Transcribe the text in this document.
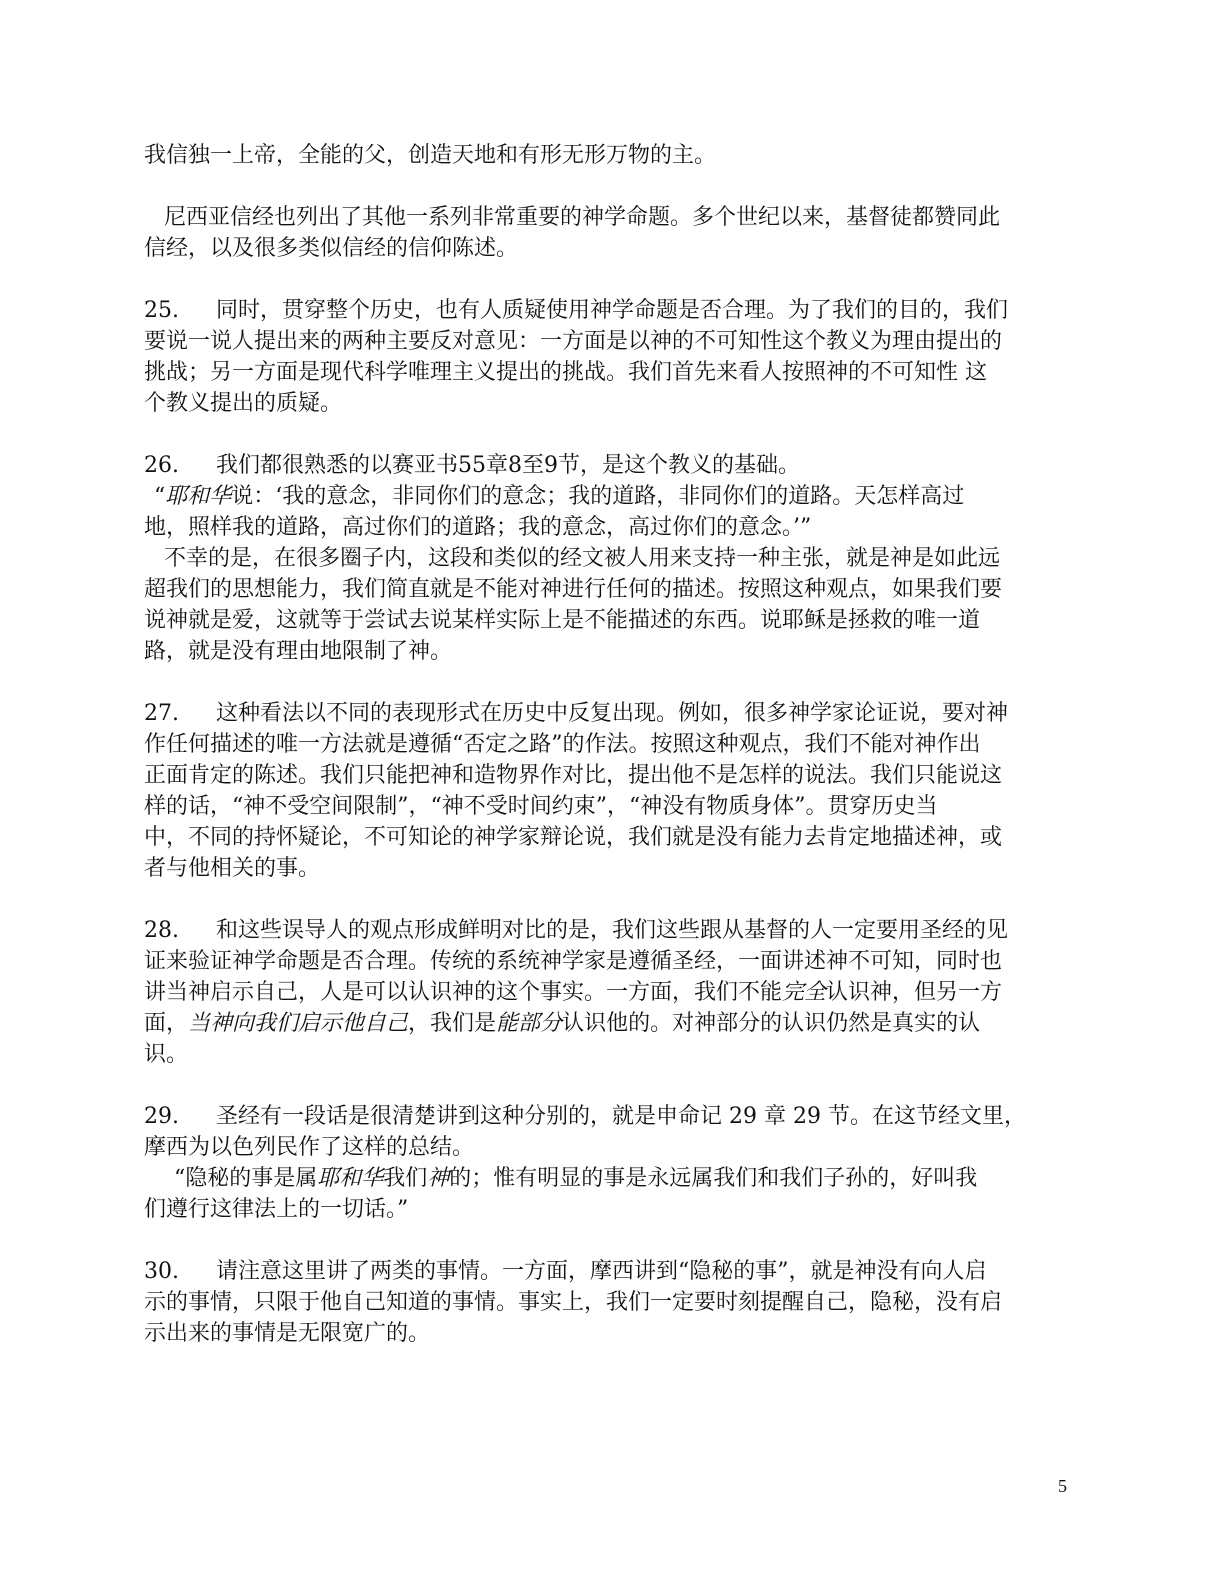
我信独一上帝，全能的父，创造天地和有形无形万物的主。
尼西亚信经也列出了其他一系列非常重要的神学命题。多个世纪以来，基督徒都赞同此
信经，以及很多类似信经的信仰陈述。
25. 同时，贯穿整个历史，也有人质疑使用神学命题是否合理。为了我们的目的，我们
要说一说人提出来的两种主要反对意见：一方面是以神的不可知性这个教义为理由提出的
挑战；另一方面是现代科学唯理主义提出的挑战。我们首先来看人按照神的不可知性 这
个教义提出的质疑。
26. 我们都很熟悉的以赛亚书55章8至9节，是这个教义的基础。
“耶和华说：‘我的意念，非同你们的意念；我的道路，非同你们的道路。天怎样高过
地，照样我的道路，高过你们的道路；我的意念，高过你们的意念。’”
不幸的是，在很多圈子内，这段和类似的经文被人用来支持一种主张，就是神是如此远
超我们的思想能力，我们简直就是不能对神进行任何的描述。按照这种观点，如果我们要
说神就是爱，这就等于尝试去说某样实际上是不能描述的东西。说耶稣是拯救的唯一道
路，就是没有理由地限制了神。
27. 这种看法以不同的表现形式在历史中反复出现。例如，很多神学家论证说，要对神
作任何描述的唯一方法就是遵循“否定之路”的作法。按照这种观点，我们不能对神作出
正面肯定的陈述。我们只能把神和造物界作对比，提出他不是怎样的说法。我们只能说这
样的话，“神不受空间限制”，“神不受时间约束”，“神没有物质身体”。贯穿历史当
中，不同的持怀疑论，不可知论的神学家辩论说，我们就是没有能力去肯定地描述神，或
者与他相关的事。
28. 和这些误导人的观点形成鲜明对比的是，我们这些跟从基督的人一定要用圣经的见
证来验证神学命题是否合理。传统的系统神学家是遵循圣经，一面讲述神不可知，同时也
讲当神启示自己，人是可以认识神的这个事实。一方面，我们不能完全认识神，但另一方
面，当神向我们启示他自己，我们是能部分认识他的。对神部分的认识仍然是真实的认
识。
29. 圣经有一段话是很清楚讲到这种分别的，就是申命记 29 章 29 节。在这节经文里，
摩西为以色列民作了这样的总结。
“隐秘的事是属耶和华我们神的；惟有明显的事是永远属我们和我们子孙的，好叫我
们遵行这律法上的一切话。”
30. 请注意这里讲了两类的事情。一方面，摩西讲到“隐秘的事”，就是神没有向人启
示的事情，只限于他自己知道的事情。事实上，我们一定要时刻提醒自己，隐秘，没有启
示出来的事情是无限宽广的。
5
